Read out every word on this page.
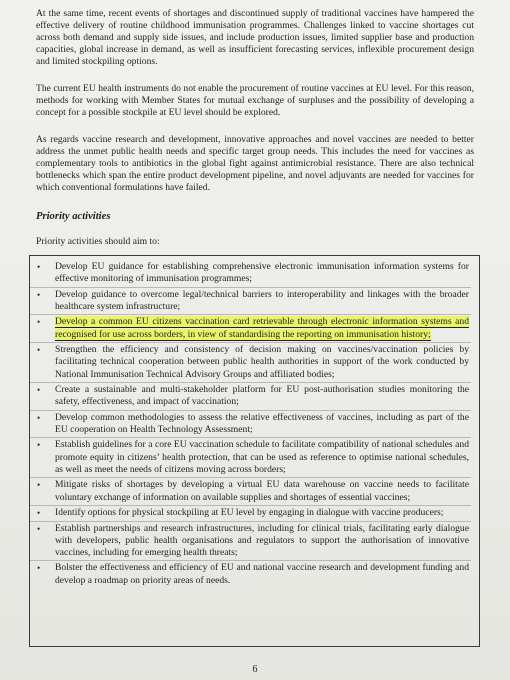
At the same time, recent events of shortages and discontinued supply of traditional vaccines have hampered the effective delivery of routine childhood immunisation programmes. Challenges linked to vaccine shortages cut across both demand and supply side issues, and include production issues, limited supplier base and production capacities, global increase in demand, as well as insufficient forecasting services, inflexible procurement design and limited stockpiling options.

The current EU health instruments do not enable the procurement of routine vaccines at EU level. For this reason, methods for working with Member States for mutual exchange of surpluses and the possibility of developing a concept for a possible stockpile at EU level should be explored.

As regards vaccine research and development, innovative approaches and novel vaccines are needed to better address the unmet public health needs and specific target group needs. This includes the need for vaccines as complementary tools to antibiotics in the global fight against antimicrobial resistance. There are also technical bottlenecks which span the entire product development pipeline, and novel adjuvants are needed for vaccines for which conventional formulations have failed.

Priority activities
Priority activities should aim to:
• Develop EU guidance for establishing comprehensive electronic immunisation information systems for effective monitoring of immunisation programmes;
• Develop guidance to overcome legal/technical barriers to interoperability and linkages with the broader healthcare system infrastructure;
• Develop a common EU citizens vaccination card retrievable through electronic information systems and recognised for use across borders, in view of standardising the reporting on immunisation history;
• Strengthen the efficiency and consistency of decision making on vaccines/vaccination policies by facilitating technical cooperation between public health authorities in support of the work conducted by National Immunisation Technical Advisory Groups and affiliated bodies;
• Create a sustainable and multi-stakeholder platform for EU post-authorisation studies monitoring the safety, effectiveness, and impact of vaccination;
• Develop common methodologies to assess the relative effectiveness of vaccines, including as part of the EU cooperation on Health Technology Assessment;
• Establish guidelines for a core EU vaccination schedule to facilitate compatibility of national schedules and promote equity in citizens’ health protection, that can be used as reference to optimise national schedules, as well as meet the needs of citizens moving across borders;
• Mitigate risks of shortages by developing a virtual EU data warehouse on vaccine needs to facilitate voluntary exchange of information on available supplies and shortages of essential vaccines;
• Identify options for physical stockpiling at EU level by engaging in dialogue with vaccine producers;
• Establish partnerships and research infrastructures, including for clinical trials, facilitating early dialogue with developers, public health organisations and regulators to support the authorisation of innovative vaccines, including for emerging health threats;
• Bolster the effectiveness and efficiency of EU and national vaccine research and development funding and develop a roadmap on priority areas of needs.
6
